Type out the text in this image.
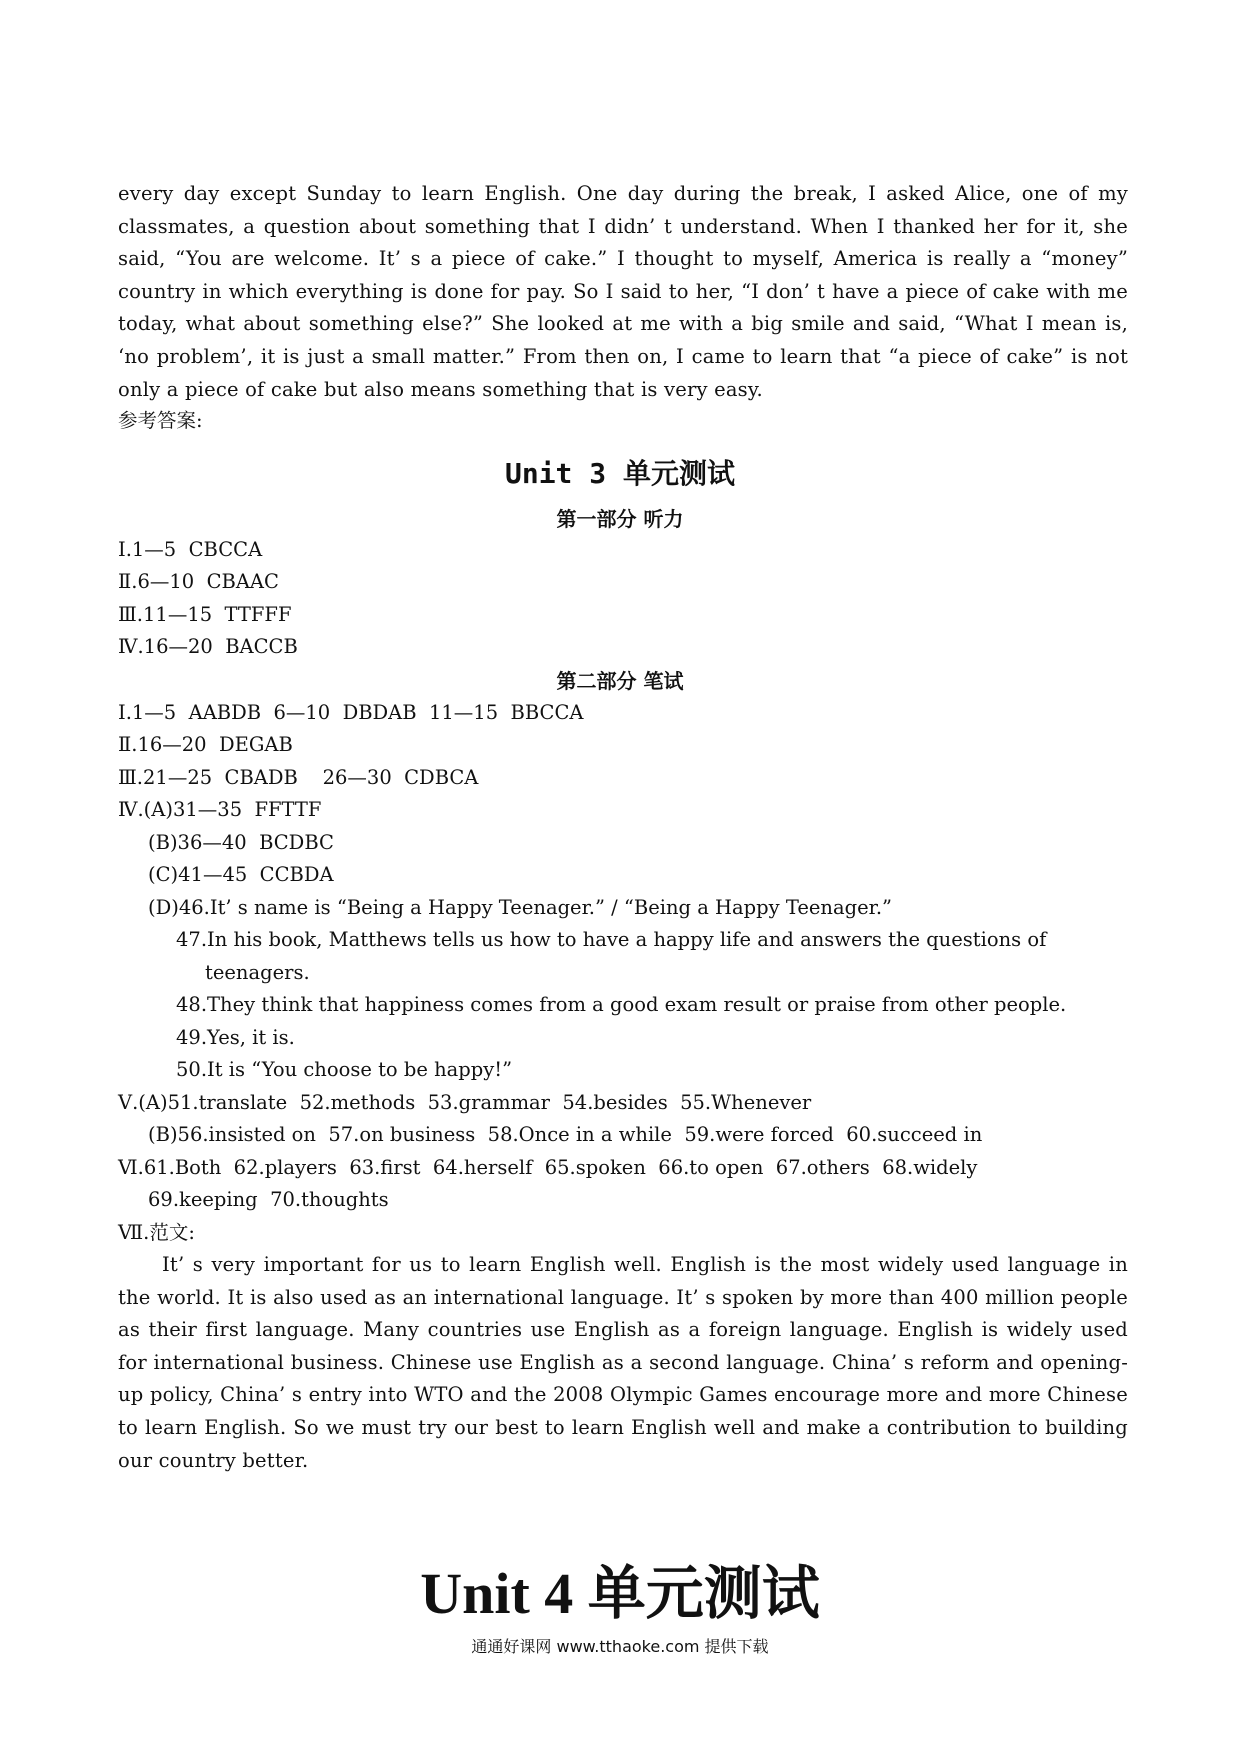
every day except Sunday to learn English. One day during the break, I asked Alice, one of my classmates, a question about something that I didn’ t understand. When I thanked her for it, she said, “You are welcome. It’ s a piece of cake.” I thought to myself, America is really a “money” country in which everything is done for pay. So I said to her, “I don’ t have a piece of cake with me today, what about something else?” She looked at me with a big smile and said, “What I mean is, ‘no problem’, it is just a small matter.” From then on, I came to learn that “a piece of cake” is not only a piece of cake but also means something that is very easy.

参考答案:

Unit 3 单元测试
第一部分 听力

Ⅰ.1—5  CBCCA

Ⅱ.6—10  CBAAC

Ⅲ.11—15  TTFFF

Ⅳ.16—20  BACCB

第二部分 笔试

Ⅰ.1—5  AABDB  6—10  DBDAB  11—15  BBCCA

Ⅱ.16—20  DEGAB

Ⅲ.21—25  CBADB    26—30  CDBCA

Ⅳ.(A)31—35  FFTTF

(B)36—40  BCDBC

(C)41—45  CCBDA

(D)46.It’ s name is “Being a Happy Teenager.” / “Being a Happy Teenager.”

47.In his book, Matthews tells us how to have a happy life and answers the questions of

teenagers.

48.They think that happiness comes from a good exam result or praise from other people.

49.Yes, it is.

50.It is “You choose to be happy!”

Ⅴ.(A)51.translate  52.methods  53.grammar  54.besides  55.Whenever

(B)56.insisted on  57.on business  58.Once in a while  59.were forced  60.succeed in

Ⅵ.61.Both  62.players  63.first  64.herself  65.spoken  66.to open  67.others  68.widely

69.keeping  70.thoughts

Ⅶ.范文:

It’ s very important for us to learn English well. English is the most widely used language in the world. It is also used as an international language. It’ s spoken by more than 400 million people as their first language. Many countries use English as a foreign language. English is widely used for international business. Chinese use English as a second language. China’ s reform and opening-up policy, China’ s entry into WTO and the 2008 Olympic Games encourage more and more Chinese to learn English. So we must try our best to learn English well and make a contribution to building our country better.

Unit 4 单元测试

通通好课网 www.tthaoke.com 提供下载
